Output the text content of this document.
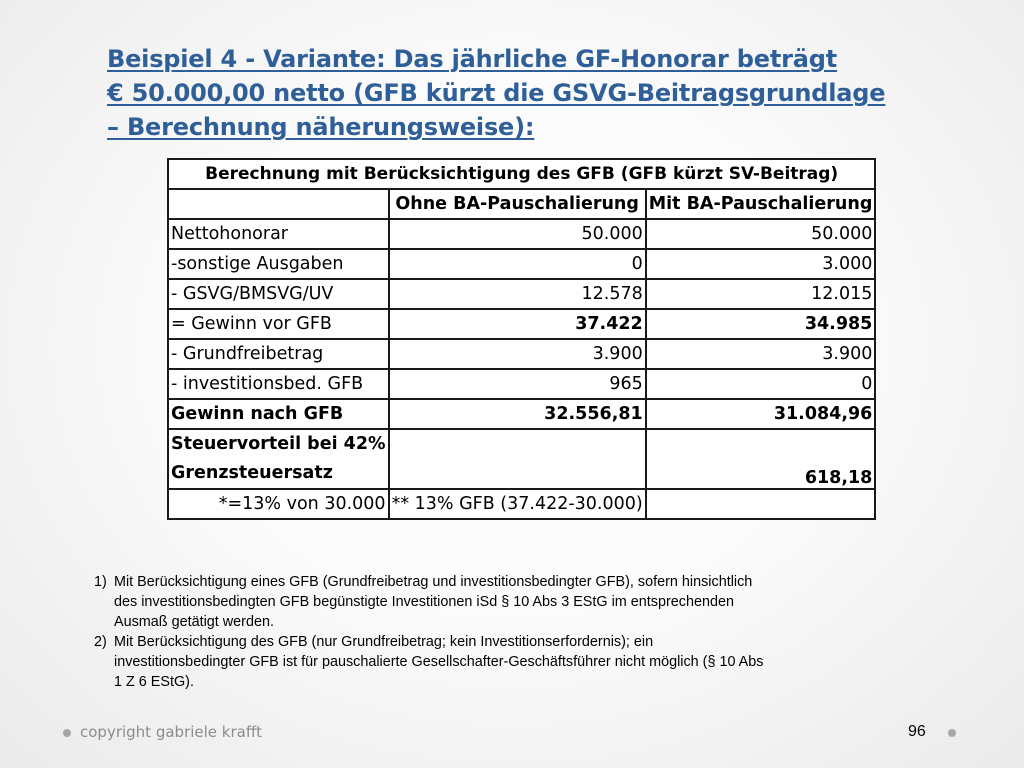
Beispiel 4 - Variante: Das jährliche GF-Honorar beträgt
€ 50.000,00 netto (GFB kürzt die GSVG-Beitragsgrundlage
– Berechnung näherungsweise):
Berechnung mit Berücksichtigung des GFB (GFB kürzt SV-Beitrag)		
	Ohne BA-Pauschalierung	Mit BA-Pauschalierung
Nettohonorar	50.000	50.000
-sonstige Ausgaben	0	3.000
- GSVG/BMSVG/UV	12.578	12.015
= Gewinn vor GFB	37.422	34.985
- Grundfreibetrag	3.900	3.900
- investitionsbed. GFB	965	0
Gewinn nach GFB	32.556,81	31.084,96
Steuervorteil bei 42%
Grenzsteuersatz		618,18
*=13% von 30.000	** 13% GFB (37.422-30.000)	
1) Mit Berücksichtigung eines GFB (Grundfreibetrag und investitionsbedingter GFB), sofern hinsichtlich
des investitionsbedingten GFB begünstigte Investitionen iSd § 10 Abs 3 EStG im entsprechenden
Ausmaß getätigt werden.
2) Mit Berücksichtigung des GFB (nur Grundfreibetrag; kein Investitionserfordernis); ein
investitionsbedingter GFB ist für pauschalierte Gesellschafter-Geschäftsführer nicht möglich (§ 10 Abs
1 Z 6 EStG).
copyright gabriele krafft	96
